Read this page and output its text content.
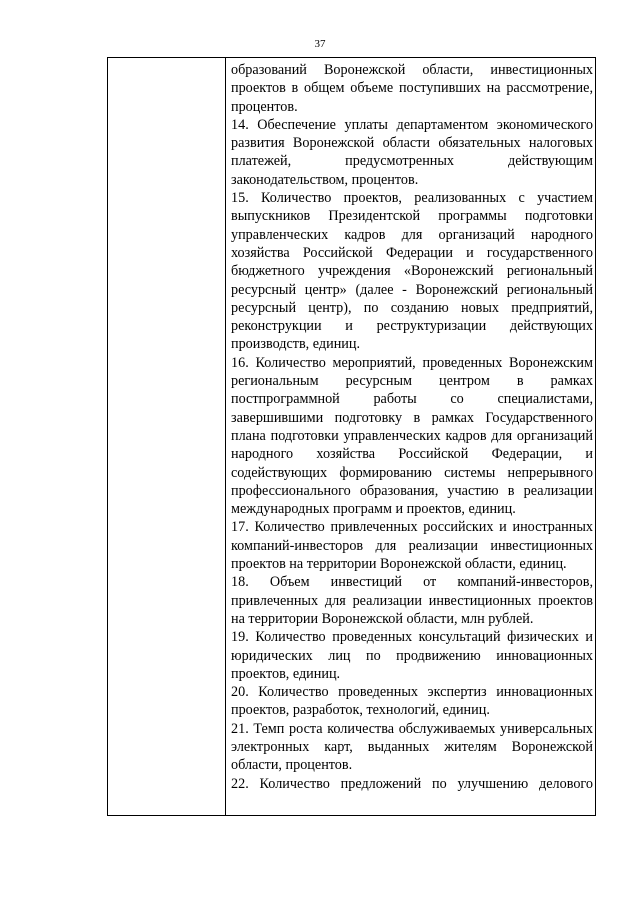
37

образований Воронежской области, инвестиционных проектов в общем объеме поступивших на рассмотрение, процентов.

14. Обеспечение уплаты департаментом экономического развития Воронежской области обязательных налоговых платежей, предусмотренных действующим законодательством, процентов.

15. Количество проектов, реализованных с участием выпускников Президентской программы подготовки управленческих кадров для организаций народного хозяйства Российской Федерации и государственного бюджетного учреждения «Воронежский региональный ресурсный центр» (далее - Воронежский региональный ресурсный центр), по созданию новых предприятий, реконструкции и реструктуризации действующих производств, единиц.

16. Количество мероприятий, проведенных Воронежским региональным ресурсным центром в рамках постпрограммной работы со специалистами, завершившими подготовку в рамках Государственного плана подготовки управленческих кадров для организаций народного хозяйства Российской Федерации, и содействующих формированию системы непрерывного профессионального образования, участию в реализации международных программ и проектов, единиц.

17. Количество привлеченных российских и иностранных компаний-инвесторов для реализации инвестиционных проектов на территории Воронежской области, единиц.

18. Объем инвестиций от компаний-инвесторов, привлеченных для реализации инвестиционных проектов на территории Воронежской области, млн рублей.

19. Количество проведенных консультаций физических и юридических лиц по продвижению инновационных проектов, единиц.

20. Количество проведенных экспертиз инновационных проектов, разработок, технологий, единиц.

21. Темп роста количества обслуживаемых универсальных электронных карт, выданных жителям Воронежской области, процентов.

22. Количество предложений по улучшению делового
